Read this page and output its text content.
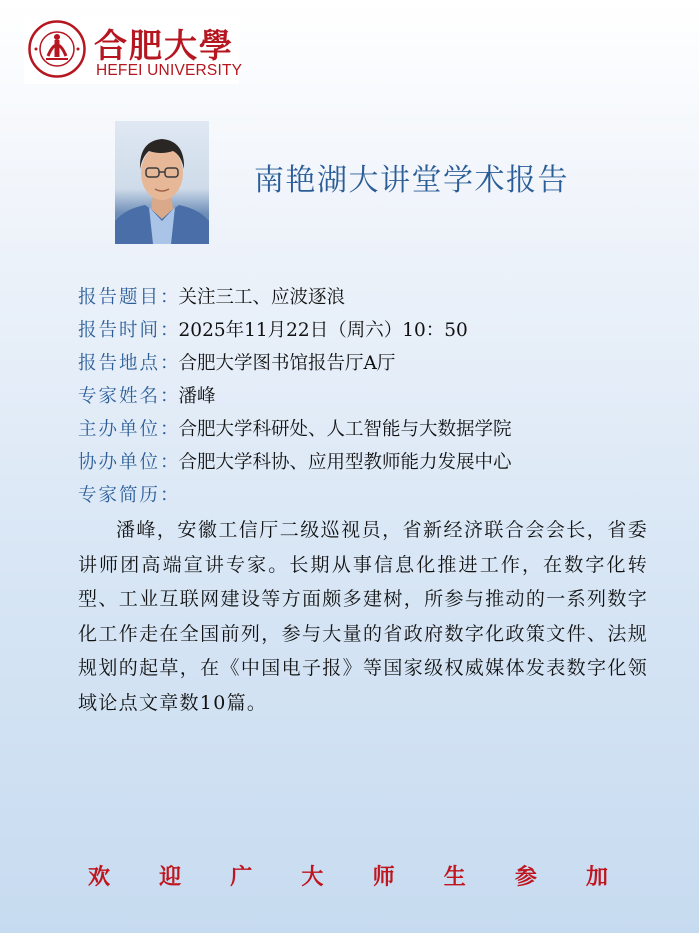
合肥大學
HEFEI UNIVERSITY
南艳湖大讲堂学术报告
报告题目：关注三工、应波逐浪
报告时间：2025年11月22日（周六）10：50
报告地点：合肥大学图书馆报告厅A厅
专家姓名：潘峰
主办单位：合肥大学科研处、人工智能与大数据学院
协办单位：合肥大学科协、应用型教师能力发展中心
专家简历：
潘峰，安徽工信厅二级巡视员，省新经济联合会会长，省委讲师团高端宣讲专家。长期从事信息化推进工作，在数字化转型、工业互联网建设等方面颇多建树，所参与推动的一系列数字化工作走在全国前列，参与大量的省政府数字化政策文件、法规规划的起草，在《中国电子报》等国家级权威媒体发表数字化领域论点文章数10篇。
欢 迎 广 大 师 生 参 加
